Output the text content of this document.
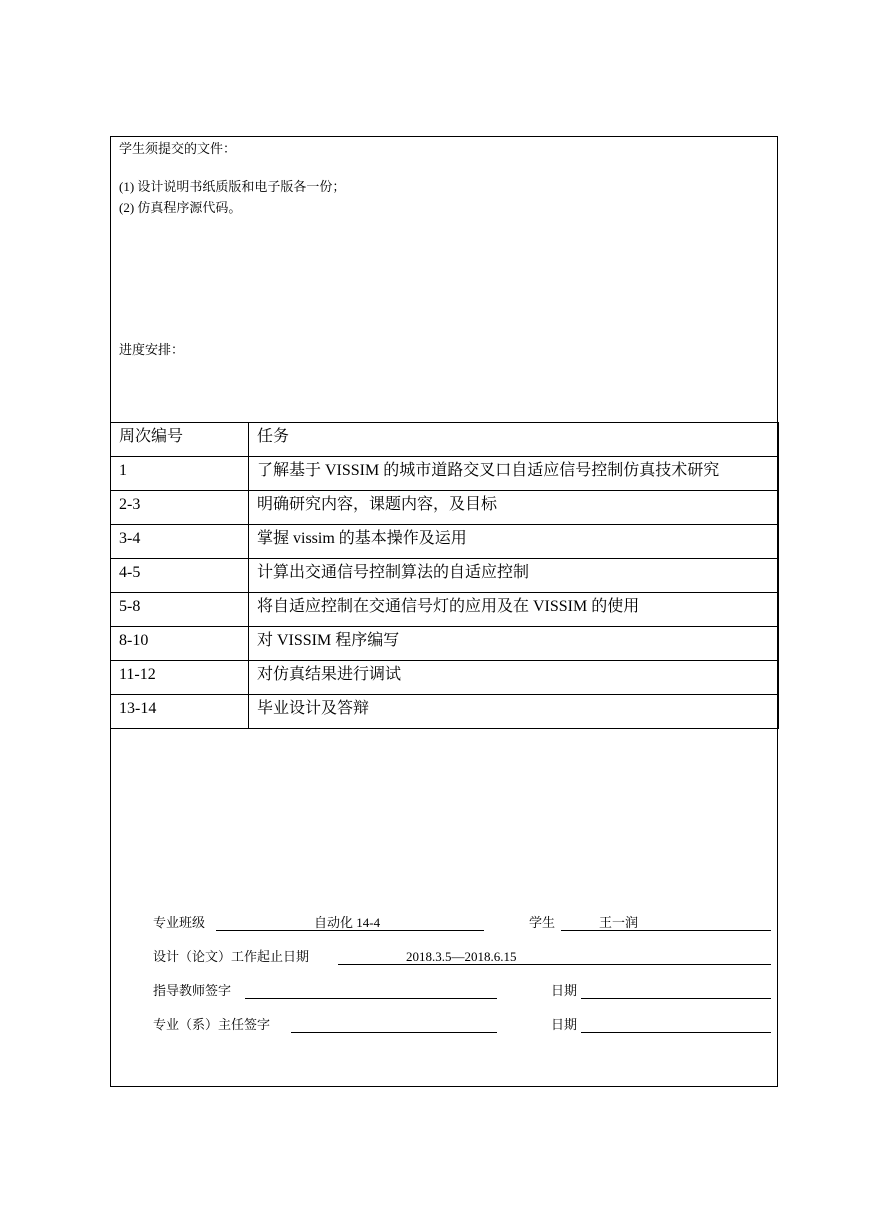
学生须提交的文件：
(1) 设计说明书纸质版和电子版各一份；
(2) 仿真程序源代码。
进度安排：
周次编号	任务
1	了解基于 VISSIM 的城市道路交叉口自适应信号控制仿真技术研究
2-3	明确研究内容，课题内容，及目标
3-4	掌握 vissim 的基本操作及运用
4-5	计算出交通信号控制算法的自适应控制
5-8	将自适应控制在交通信号灯的应用及在 VISSIM 的使用
8-10	对 VISSIM 程序编写
11-12	对仿真结果进行调试
13-14	毕业设计及答辩
专业班级	自动化 14-4	学生	王一润
设计（论文）工作起止日期	2018.3.5—2018.6.15
指导教师签字	日期
专业（系）主任签字	日期
